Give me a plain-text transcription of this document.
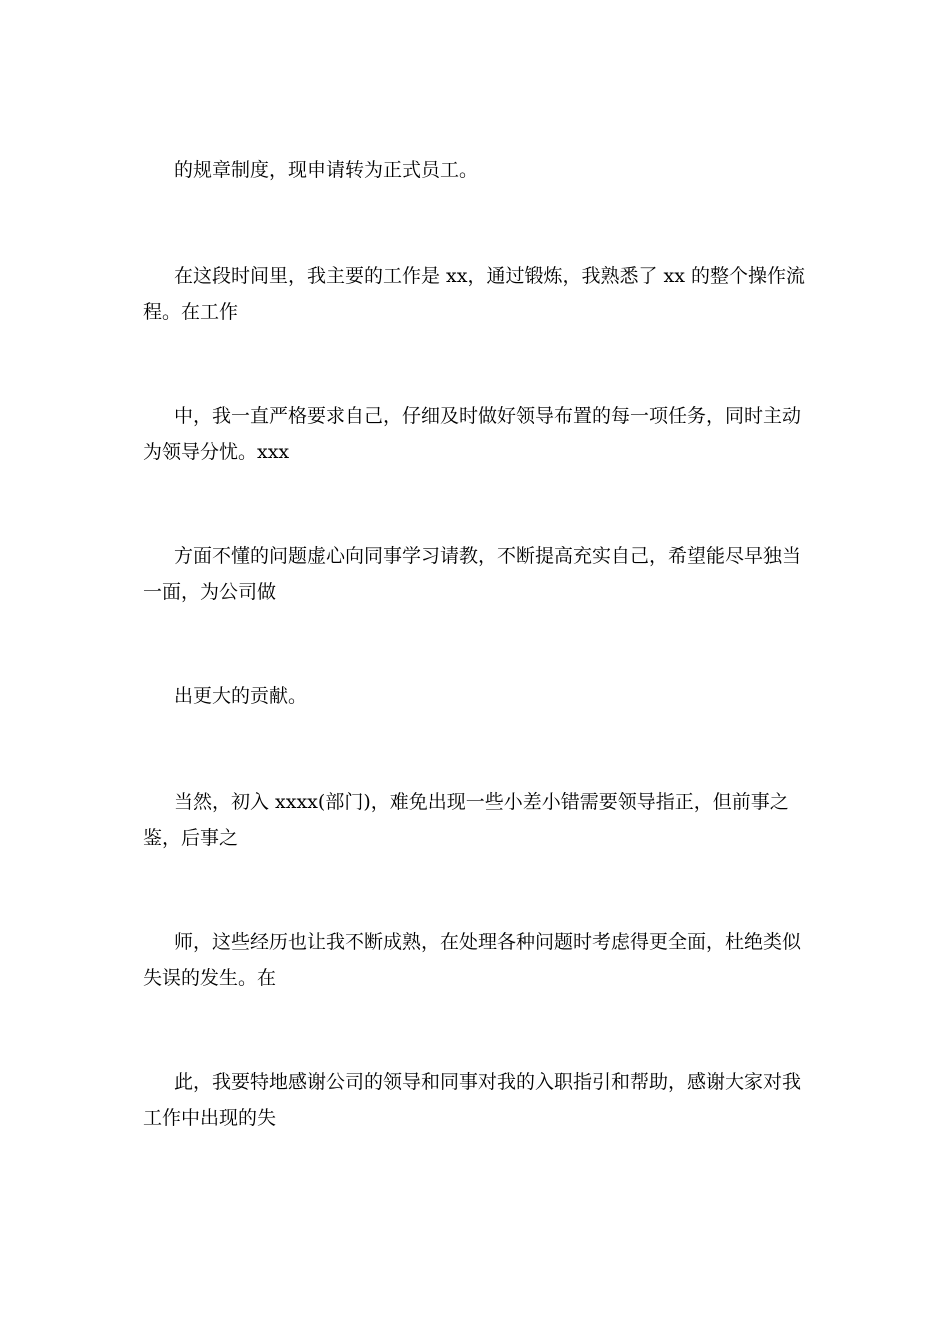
的规章制度，现申请转为正式员工。

在这段时间里，我主要的工作是 xx，通过锻炼，我熟悉了 xx 的整个操作流程。在工作

中，我一直严格要求自己，仔细及时做好领导布置的每一项任务，同时主动为领导分忧。xxx

方面不懂的问题虚心向同事学习请教，不断提高充实自己，希望能尽早独当一面，为公司做

出更大的贡献。

当然，初入 xxxx(部门)，难免出现一些小差小错需要领导指正，但前事之鉴，后事之

师，这些经历也让我不断成熟，在处理各种问题时考虑得更全面，杜绝类似失误的发生。在

此，我要特地感谢公司的领导和同事对我的入职指引和帮助，感谢大家对我工作中出现的失
